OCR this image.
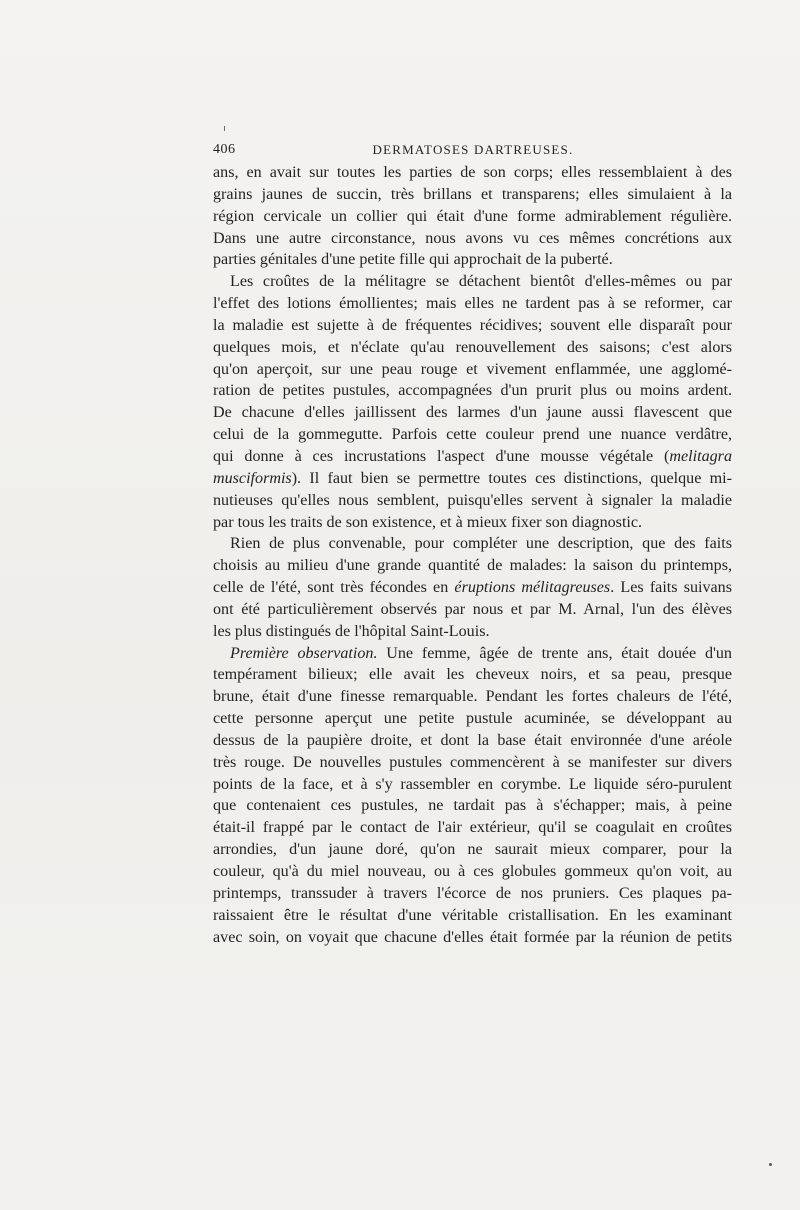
406	DERMATOSES DARTREUSES.
ans, en avait sur toutes les parties de son corps; elles ressemblaient à des
grains jaunes de succin, très brillans et transparens; elles simulaient à la
région cervicale un collier qui était d'une forme admirablement régulière.
Dans une autre circonstance, nous avons vu ces mêmes concrétions aux
parties génitales d'une petite fille qui approchait de la puberté.
Les croûtes de la mélitagre se détachent bientôt d'elles-mêmes ou par
l'effet des lotions émollientes; mais elles ne tardent pas à se reformer, car
la maladie est sujette à de fréquentes récidives; souvent elle disparaît pour
quelques mois, et n'éclate qu'au renouvellement des saisons; c'est alors
qu'on aperçoit, sur une peau rouge et vivement enflammée, une agglomé-
ration de petites pustules, accompagnées d'un prurit plus ou moins ardent.
De chacune d'elles jaillissent des larmes d'un jaune aussi flavescent que
celui de la gommegutte. Parfois cette couleur prend une nuance verdâtre,
qui donne à ces incrustations l'aspect d'une mousse végétale (melitagra
musciformis). Il faut bien se permettre toutes ces distinctions, quelque mi-
nutieuses qu'elles nous semblent, puisqu'elles servent à signaler la maladie
par tous les traits de son existence, et à mieux fixer son diagnostic.
Rien de plus convenable, pour compléter une description, que des faits
choisis au milieu d'une grande quantité de malades: la saison du printemps,
celle de l'été, sont très fécondes en éruptions mélitagreuses. Les faits suivans
ont été particulièrement observés par nous et par M. Arnal, l'un des élèves
les plus distingués de l'hôpital Saint-Louis.
Première observation. Une femme, âgée de trente ans, était douée d'un
tempérament bilieux; elle avait les cheveux noirs, et sa peau, presque
brune, était d'une finesse remarquable. Pendant les fortes chaleurs de l'été,
cette personne aperçut une petite pustule acuminée, se développant au
dessus de la paupière droite, et dont la base était environnée d'une aréole
très rouge. De nouvelles pustules commencèrent à se manifester sur divers
points de la face, et à s'y rassembler en corymbe. Le liquide séro-purulent
que contenaient ces pustules, ne tardait pas à s'échapper; mais, à peine
était-il frappé par le contact de l'air extérieur, qu'il se coagulait en croûtes
arrondies, d'un jaune doré, qu'on ne saurait mieux comparer, pour la
couleur, qu'à du miel nouveau, ou à ces globules gommeux qu'on voit, au
printemps, transsuder à travers l'écorce de nos pruniers. Ces plaques pa-
raissaient être le résultat d'une véritable cristallisation. En les examinant
avec soin, on voyait que chacune d'elles était formée par la réunion de petits
